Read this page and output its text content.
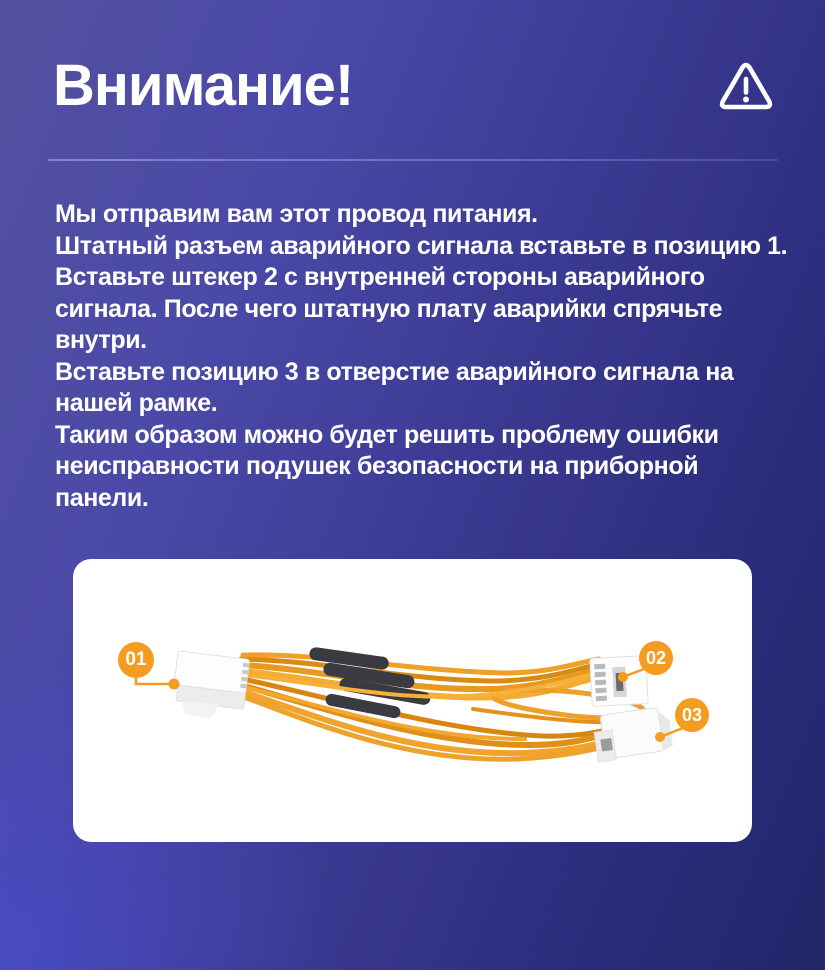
Внимание!
Мы отправим вам этот провод питания.
Штатный разъем аварийного сигнала вставьте в позицию 1.
Вставьте штекер 2 с внутренней стороны аварийного
сигнала. После чего штатную плату аварийки спрячьте
внутри.
Вставьте позицию 3 в отверстие аварийного сигнала на
нашей рамке.
Таким образом можно будет решить проблему ошибки
неисправности подушек безопасности на приборной
панели.
01	02
03
